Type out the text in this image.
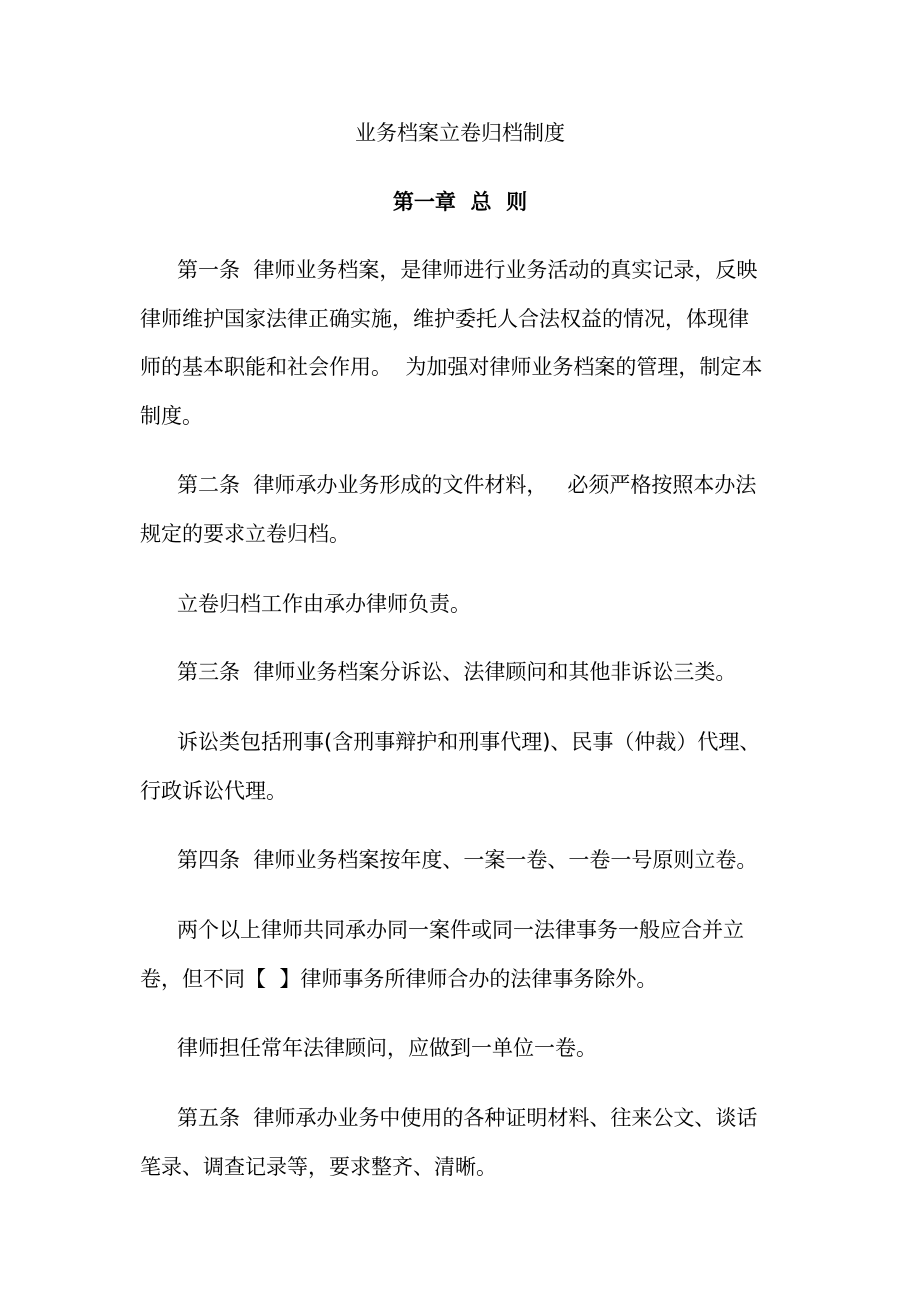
业务档案立卷归档制度
第一章  总  则
第一条  律师业务档案，是律师进行业务活动的真实记录，反映
律师维护国家法律正确实施，维护委托人合法权益的情况，体现律
师的基本职能和社会作用。  为加强对律师业务档案的管理，制定本
制度。
第二条  律师承办业务形成的文件材料，   必须严格按照本办法
规定的要求立卷归档。
立卷归档工作由承办律师负责。
第三条  律师业务档案分诉讼、法律顾问和其他非诉讼三类。
诉讼类包括刑事(含刑事辩护和刑事代理)、民事（仲裁）代理、
行政诉讼代理。
第四条  律师业务档案按年度、一案一卷、一卷一号原则立卷。
两个以上律师共同承办同一案件或同一法律事务一般应合并立
卷，但不同【  】律师事务所律师合办的法律事务除外。
律师担任常年法律顾问，应做到一单位一卷。
第五条  律师承办业务中使用的各种证明材料、往来公文、谈话
笔录、调查记录等，要求整齐、清晰。
